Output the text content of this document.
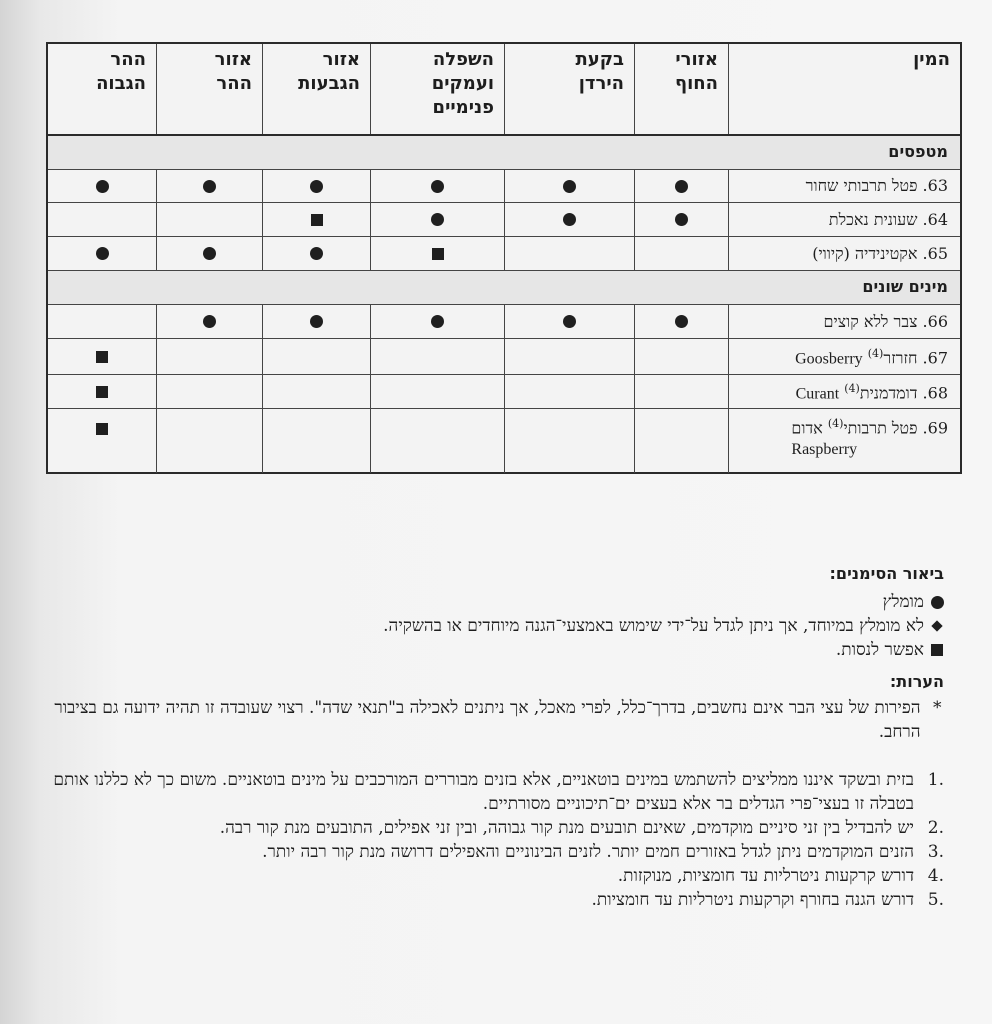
המין
אזורי
החוף
בקעת
הירדן
השפלה
ועמקים
פנימיים
אזור
הגבעות
אזור
ההר
ההר
הגבוה
מטפסים
63. פטל תרבותי שחור
64. שעונית נאכלת
65. אקטינידיה (קיווי)
מינים שונים
66. צבר ללא קוצים
67. חזרזר$^{(4)}$ Goosberry
68. דומדמנית$^{(4)}$ Curant
69. פטל תרבותי$^{(4)}$ אדום

Raspberry
ביאור הסימנים:
מומלץ
לא מומלץ במיוחד, אך ניתן לגדל על־ידי שימוש באמצעי־הגנה מיוחדים או בהשקיה.
אפשר לנסות.
הערות:
*
הפירות של עצי הבר אינם נחשבים, בדרך־כלל, לפרי מאכל, אך ניתנים לאכילה ב"תנאי שדה". רצוי שעובדה זו תהיה ידועה גם בציבור הרחב.
1.
בזית ובשקד איננו ממליצים להשתמש במינים בוטאניים, אלא בזנים מבוררים המורכבים על מינים בוטאניים. משום כך לא כללנו אותם בטבלה זו בעצי־פרי הגדלים בר אלא בעצים ים־תיכוניים מסורתיים.
2.
יש להבדיל בין זני סיניים מוקדמים, שאינם תובעים מנת קור גבוהה, ובין זני אפילים, התובעים מנת קור רבה.
3.
הזנים המוקדמים ניתן לגדל באזורים חמים יותר. לזנים הבינוניים והאפילים דרושה מנת קור רבה יותר.
4.
דורש קרקעות ניטרליות עד חומציות, מנוקזות.
5.
דורש הגנה בחורף וקרקעות ניטרליות עד חומציות.
